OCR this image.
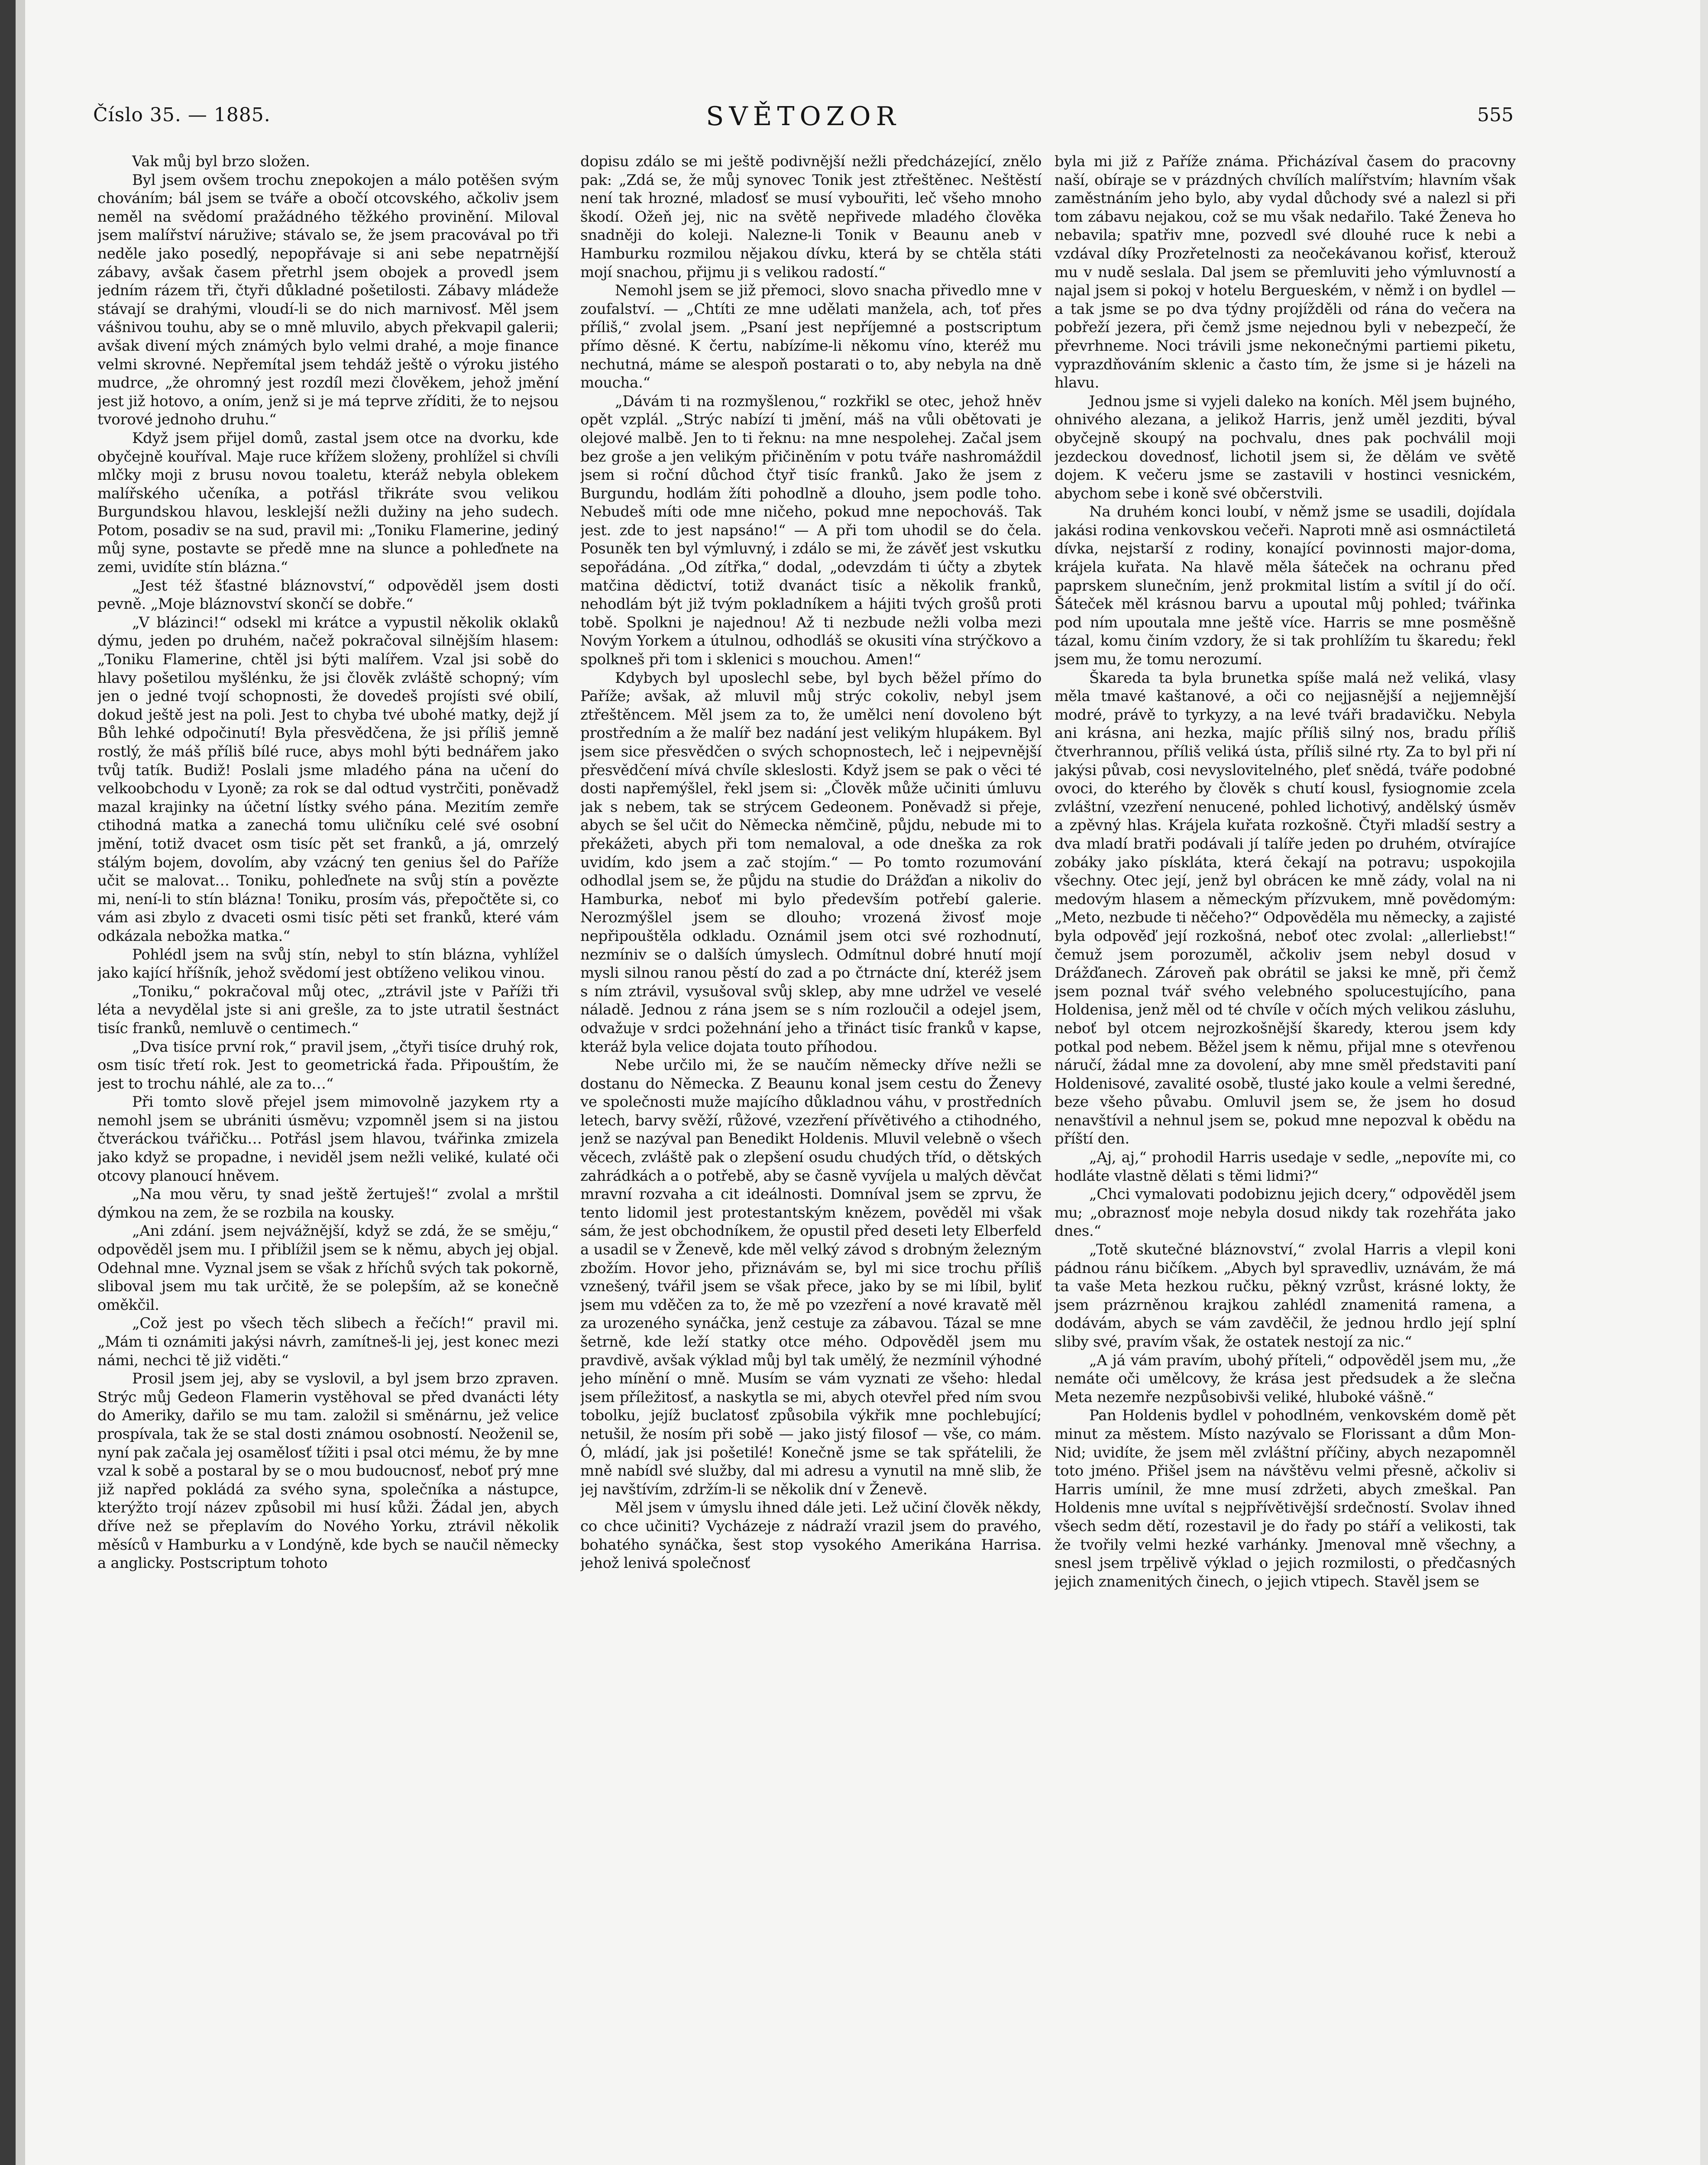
Číslo 35. — 1885.	SVĚTOZOR	555

Vak můj byl brzo složen.

Byl jsem ovšem trochu znepokojen a málo potěšen svým chováním; bál jsem se tváře a obočí otcovského, ačkoliv jsem neměl na svědomí pražádného těžkého provinění. Miloval jsem malířství náružive; stávalo se, že jsem pracovával po tři neděle jako posedlý, nepopřávaje si ani sebe nepatrnější zábavy, avšak časem přetrhl jsem obojek a provedl jsem jedním rázem tři, čtyři důkladné pošetilosti. Zábavy mládeže stávají se drahými, vloudí-li se do nich marnivosť. Měl jsem vášnivou touhu, aby se o mně mluvilo, abych překvapil galerii; avšak divení mých známých bylo velmi drahé, a moje finance velmi skrovné. Nepřemítal jsem tehdáž ještě o výroku jistého mudrce, „že ohromný jest rozdíl mezi člověkem, jehož jmění jest již hotovo, a oním, jenž si je má teprve zříditi, že to nejsou tvorové jednoho druhu.“

Když jsem přijel domů, zastal jsem otce na dvorku, kde obyčejně kouříval. Maje ruce křížem složeny, prohlížel si chvíli mlčky moji z brusu novou toaletu, kteráž nebyla oblekem malířského učeníka, a potřásl třikráte svou velikou Burgundskou hlavou, lesklejší nežli dužiny na jeho sudech. Potom, posadiv se na sud, pravil mi: „Toniku Flamerine, jediný můj syne, postavte se předě mne na slunce a pohleďnete na zemi, uvidíte stín blázna.“

„Jest též šťastné bláznovství,“ odpověděl jsem dosti pevně. „Moje bláznovství skončí se dobře.“

„V blázinci!“ odsekl mi krátce a vypustil několik oklaků dýmu, jeden po druhém, načež pokračoval silnějším hlasem: „Toniku Flamerine, chtěl jsi býti malířem. Vzal jsi sobě do hlavy pošetilou myšlénku, že jsi člověk zvláště schopný; vím jen o jedné tvojí schopnosti, že dovedeš projísti své obilí, dokud ještě jest na poli. Jest to chyba tvé ubohé matky, dejž jí Bůh lehké odpočinutí! Byla přesvědčena, že jsi příliš jemně rostlý, že máš příliš bílé ruce, abys mohl býti bednářem jako tvůj tatík. Budiž! Poslali jsme mladého pána na učení do velkoobchodu v Lyoně; za rok se dal odtud vystrčiti, poněvadž mazal krajinky na účetní lístky svého pána. Mezitím zemře ctihodná matka a zanechá tomu uličníku celé své osobní jmění, totiž dvacet osm tisíc pět set franků, a já, omrzelý stálým bojem, dovolím, aby vzácný ten genius šel do Paříže učit se malovat… Toniku, pohleďnete na svůj stín a povězte mi, není-li to stín blázna! Toniku, prosím vás, přepočtěte si, co vám asi zbylo z dvaceti osmi tisíc pěti set franků, které vám odkázala nebožka matka.“

Pohlédl jsem na svůj stín, nebyl to stín blázna, vyhlížel jako kající hříšník, jehož svědomí jest obtíženo velikou vinou.

„Toniku,“ pokračoval můj otec, „ztrávil jste v Paříži tři léta a nevydělal jste si ani grešle, za to jste utratil šestnáct tisíc franků, nemluvě o centimech.“

„Dva tisíce první rok,“ pravil jsem, „čtyři tisíce druhý rok, osm tisíc třetí rok. Jest to geometrická řada. Připouštím, že jest to trochu náhlé, ale za to…“

Při tomto slově přejel jsem mimovolně jazykem rty a nemohl jsem se ubrániti úsměvu; vzpomněl jsem si na jistou čtveráckou tvářičku… Potřásl jsem hlavou, tvářinka zmizela jako když se propadne, i neviděl jsem nežli veliké, kulaté oči otcovy planoucí hněvem.

„Na mou věru, ty snad ještě žertuješ!“ zvolal a mrštil dýmkou na zem, že se rozbila na kousky.

„Ani zdání. jsem nejvážnější, když se zdá, že se směju,“ odpověděl jsem mu. I přiblížil jsem se k němu, abych jej objal. Odehnal mne. Vyznal jsem se však z hříchů svých tak pokorně, sliboval jsem mu tak určitě, že se polepším, až se konečně oměkčil.

„Což jest po všech těch slibech a řečích!“ pravil mi. „Mám ti oznámiti jakýsi návrh, zamítneš-li jej, jest konec mezi námi, nechci tě již viděti.“

Prosil jsem jej, aby se vyslovil, a byl jsem brzo zpraven. Strýc můj Gedeon Flamerin vystěhoval se před dvanácti léty do Ameriky, dařilo se mu tam. založil si směnárnu, jež velice prospívala, tak že se stal dosti známou osobností. Neoženil se, nyní pak začala jej osamělosť tížiti i psal otci mému, že by mne vzal k sobě a postaral by se o mou budoucnosť, neboť prý mne již napřed pokládá za svého syna, společníka a nástupce, kterýžto trojí název způsobil mi husí kůži. Žádal jen, abych dříve než se přeplavím do Nového Yorku, ztrávil několik měsíců v Hamburku a v Londýně, kde bych se naučil německy a anglicky. Postscriptum tohoto

dopisu zdálo se mi ještě podivnější nežli předcházející, znělo pak: „Zdá se, že můj synovec Tonik jest ztřeštěnec. Neštěstí není tak hrozné, mladosť se musí vybouřiti, leč všeho mnoho škodí. Ožeň jej, nic na světě nepřivede mladého člověka snadněji do koleji. Nalezne-li Tonik v Beaunu aneb v Hamburku rozmilou nějakou dívku, která by se chtěla státi mojí snachou, přijmu ji s velikou radostí.“

Nemohl jsem se již přemoci, slovo snacha přivedlo mne v zoufalství. — „Chtíti ze mne udělati manžela, ach, toť přes příliš,“ zvolal jsem. „Psaní jest nepříjemné a postscriptum přímo děsné. K čertu, nabízíme-li někomu víno, kteréž mu nechutná, máme se alespoň postarati o to, aby nebyla na dně moucha.“

„Dávám ti na rozmyšlenou,“ rozkřikl se otec, jehož hněv opět vzplál. „Strýc nabízí ti jmění, máš na vůli obětovati je olejové malbě. Jen to ti řeknu: na mne nespolehej. Začal jsem bez groše a jen velikým přičiněním v potu tváře nashromáždil jsem si roční důchod čtyř tisíc franků. Jako že jsem z Burgundu, hodlám žíti pohodlně a dlouho, jsem podle toho. Nebudeš míti ode mne ničeho, pokud mne nepochováš. Tak jest. zde to jest napsáno!“ — A při tom uhodil se do čela. Posuněk ten byl výmluvný, i zdálo se mi, že závěť jest vskutku sepořádána. „Od zítřka,“ dodal, „odevzdám ti účty a zbytek matčina dědictví, totiž dvanáct tisíc a několik franků, nehodlám být již tvým pokladníkem a hájiti tvých grošů proti tobě. Spolkni je najednou! Až ti nezbude nežli volba mezi Novým Yorkem a útulnou, odhodláš se okusiti vína strýčkovo a spolkneš při tom i sklenici s mouchou. Amen!“

Kdybych byl uposlechl sebe, byl bych běžel přímo do Paříže; avšak, až mluvil můj strýc cokoliv, nebyl jsem ztřeštěncem. Měl jsem za to, že umělci není dovoleno být prostředním a že malíř bez nadání jest velikým hlupákem. Byl jsem sice přesvědčen o svých schopnostech, leč i nejpevnější přesvědčení mívá chvíle skleslosti. Když jsem se pak o věci té dosti napřemýšlel, řekl jsem si: „Člověk může učiniti úmluvu jak s nebem, tak se strýcem Gedeonem. Poněvadž si přeje, abych se šel učit do Německa němčině, půjdu, nebude mi to překážeti, abych při tom nemaloval, a ode dneška za rok uvidím, kdo jsem a zač stojím.“ — Po tomto rozumování odhodlal jsem se, že půjdu na studie do Drážďan a nikoliv do Hamburka, neboť mi bylo především potřebí galerie. Nerozmýšlel jsem se dlouho; vrozená živosť moje nepřipouštěla odkladu. Oznámil jsem otci své rozhodnutí, nezmíniv se o dalších úmyslech. Odmítnul dobré hnutí mojí mysli silnou ranou pěstí do zad a po čtrnácte dní, kteréž jsem s ním ztrávil, vysušoval svůj sklep, aby mne udržel ve veselé náladě. Jednou z rána jsem se s ním rozloučil a odejel jsem, odvažuje v srdci požehnání jeho a třináct tisíc franků v kapse, kteráž byla velice dojata touto příhodou.

Nebe určilo mi, že se naučím německy dříve nežli se dostanu do Německa. Z Beaunu konal jsem cestu do Ženevy ve společnosti muže majícího důkladnou váhu, v prostředních letech, barvy svěží, růžové, vzezření přívětivého a ctihodného, jenž se nazýval pan Benedikt Holdenis. Mluvil velebně o všech věcech, zvláště pak o zlepšení osudu chudých tříd, o dětských zahrádkách a o potřebě, aby se časně vyvíjela u malých děvčat mravní rozvaha a cit ideálnosti. Domníval jsem se zprvu, že tento lidomil jest protestantským knězem, pověděl mi však sám, že jest obchodníkem, že opustil před deseti lety Elberfeld a usadil se v Ženevě, kde měl velký závod s drobným železným zbožím. Hovor jeho, přiznávám se, byl mi sice trochu příliš vznešený, tvářil jsem se však přece, jako by se mi líbil, byliť jsem mu vděčen za to, že mě po vzezření a nové kravatě měl za urozeného synáčka, jenž cestuje za zábavou. Tázal se mne šetrně, kde leží statky otce mého. Odpověděl jsem mu pravdivě, avšak výklad můj byl tak umělý, že nezmínil výhodné jeho mínění o mně. Musím se vám vyznati ze všeho: hledal jsem příležitosť, a naskytla se mi, abych otevřel před ním svou tobolku, jejíž buclatosť způsobila výkřik mne pochlebující; netušil, že nosím při sobě — jako jistý filosof — vše, co mám. Ó, mládí, jak jsi pošetilé! Konečně jsme se tak spřátelili, že mně nabídl své služby, dal mi adresu a vynutil na mně slib, že jej navštívím, zdržím-li se několik dní v Ženevě.

Měl jsem v úmyslu ihned dále jeti. Lež učiní člověk někdy, co chce učiniti? Vycházeje z nádraží vrazil jsem do pravého, bohatého synáčka, šest stop vysokého Amerikána Harrisa. jehož lenivá společnosť

byla mi již z Paříže známa. Přicházíval časem do pracovny naší, obíraje se v prázdných chvílích malířstvím; hlavním však zaměstnáním jeho bylo, aby vydal důchody své a nalezl si při tom zábavu nejakou, což se mu však nedařilo. Také Ženeva ho nebavila; spatřiv mne, pozvedl své dlouhé ruce k nebi a vzdával díky Prozřetelnosti za neočekávanou kořisť, kterouž mu v nudě seslala. Dal jsem se přemluviti jeho výmluvností a najal jsem si pokoj v hotelu Bergueském, v němž i on bydlel — a tak jsme se po dva týdny projížděli od rána do večera na pobřeží jezera, při čemž jsme nejednou byli v nebezpečí, že převrhneme. Noci trávili jsme nekonečnými partiemi piketu, vyprazdňováním sklenic a často tím, že jsme si je házeli na hlavu.

Jednou jsme si vyjeli daleko na koních. Měl jsem bujného, ohnivého alezana, a jelikož Harris, jenž uměl jezditi, býval obyčejně skoupý na pochvalu, dnes pak pochválil moji jezdeckou dovednosť, lichotil jsem si, že dělám ve světě dojem. K večeru jsme se zastavili v hostinci vesnickém, abychom sebe i koně své občerstvili.

Na druhém konci loubí, v němž jsme se usadili, dojídala jakási rodina venkovskou večeři. Naproti mně asi osmnáctiletá dívka, nejstarší z rodiny, konající povinnosti major-doma, krájela kuřata. Na hlavě měla šáteček na ochranu před paprskem slunečním, jenž prokmital listím a svítil jí do očí. Šáteček měl krásnou barvu a upoutal můj pohled; tvářinka pod ním upoutala mne ještě více. Harris se mne posměšně tázal, komu činím vzdory, že si tak prohlížím tu škaredu; řekl jsem mu, že tomu nerozumí.

Škareda ta byla brunetka spíše malá než veliká, vlasy měla tmavé kaštanové, a oči co nejjasnější a nejjemnější modré, právě to tyrkyzy, a na levé tváři bradavičku. Nebyla ani krásna, ani hezka, majíc příliš silný nos, bradu příliš čtverhrannou, příliš veliká ústa, příliš silné rty. Za to byl při ní jakýsi půvab, cosi nevyslovitelného, pleť snědá, tváře podobné ovoci, do kterého by člověk s chutí kousl, fysiognomie zcela zvláštní, vzezření nenucené, pohled lichotivý, andělský úsměv a zpěvný hlas. Krájela kuřata rozkošně. Čtyři mladší sestry a dva mladí bratři podávali jí talíře jeden po druhém, otvírajíce zobáky jako pískláta, která čekají na potravu; uspokojila všechny. Otec její, jenž byl obrácen ke mně zády, volal na ni medovým hlasem a německým přízvukem, mně povědomým: „Meto, nezbude ti něčeho?“ Odpověděla mu německy, a zajisté byla odpověď její rozkošná, neboť otec zvolal: „allerliebst!“ čemuž jsem porozuměl, ačkoliv jsem nebyl dosud v Drážďanech. Zároveň pak obrátil se jaksi ke mně, při čemž jsem poznal tvář svého velebného spolucestujícího, pana Holdenisa, jenž měl od té chvíle v očích mých velikou zásluhu, neboť byl otcem nejrozkošnější škaredy, kterou jsem kdy potkal pod nebem. Běžel jsem k němu, přijal mne s otevřenou náručí, žádal mne za dovolení, aby mne směl představiti paní Holdenisové, zavalité osobě, tlusté jako koule a velmi šeredné, beze všeho půvabu. Omluvil jsem se, že jsem ho dosud nenavštívil a nehnul jsem se, pokud mne nepozval k obědu na příští den.

„Aj, aj,“ prohodil Harris usedaje v sedle, „nepovíte mi, co hodláte vlastně dělati s těmi lidmi?“

„Chci vymalovati podobiznu jejich dcery,“ odpověděl jsem mu; „obraznosť moje nebyla dosud nikdy tak rozehřáta jako dnes.“

„Totě skutečné bláznovství,“ zvolal Harris a vlepil koni pádnou ránu bičíkem. „Abych byl spravedliv, uznávám, že má ta vaše Meta hezkou ručku, pěkný vzrůst, krásné lokty, že jsem prázrněnou krajkou zahlédl znamenitá ramena, a dodávám, abych se vám zavděčil, že jednou hrdlo její splní sliby své, pravím však, že ostatek nestojí za nic.“

„A já vám pravím, ubohý příteli,“ odpověděl jsem mu, „že nemáte oči umělcovy, že krása jest předsudek a že slečna Meta nezemře nezpůsobivši veliké, hluboké vášně.“

Pan Holdenis bydlel v pohodlném, venkovském domě pět minut za městem. Místo nazývalo se Florissant a dům Mon-Nid; uvidíte, že jsem měl zvláštní příčiny, abych nezapomněl toto jméno. Přišel jsem na návštěvu velmi přesně, ačkoliv si Harris umínil, že mne musí zdržeti, abych zmeškal. Pan Holdenis mne uvítal s nejpřívětivější srdečností. Svolav ihned všech sedm dětí, rozestavil je do řady po stáří a velikosti, tak že tvořily velmi hezké varhánky. Jmenoval mně všechny, a snesl jsem trpělivě výklad o jejich rozmilosti, o předčasných jejich znamenitých činech, o jejich vtipech. Stavěl jsem se
